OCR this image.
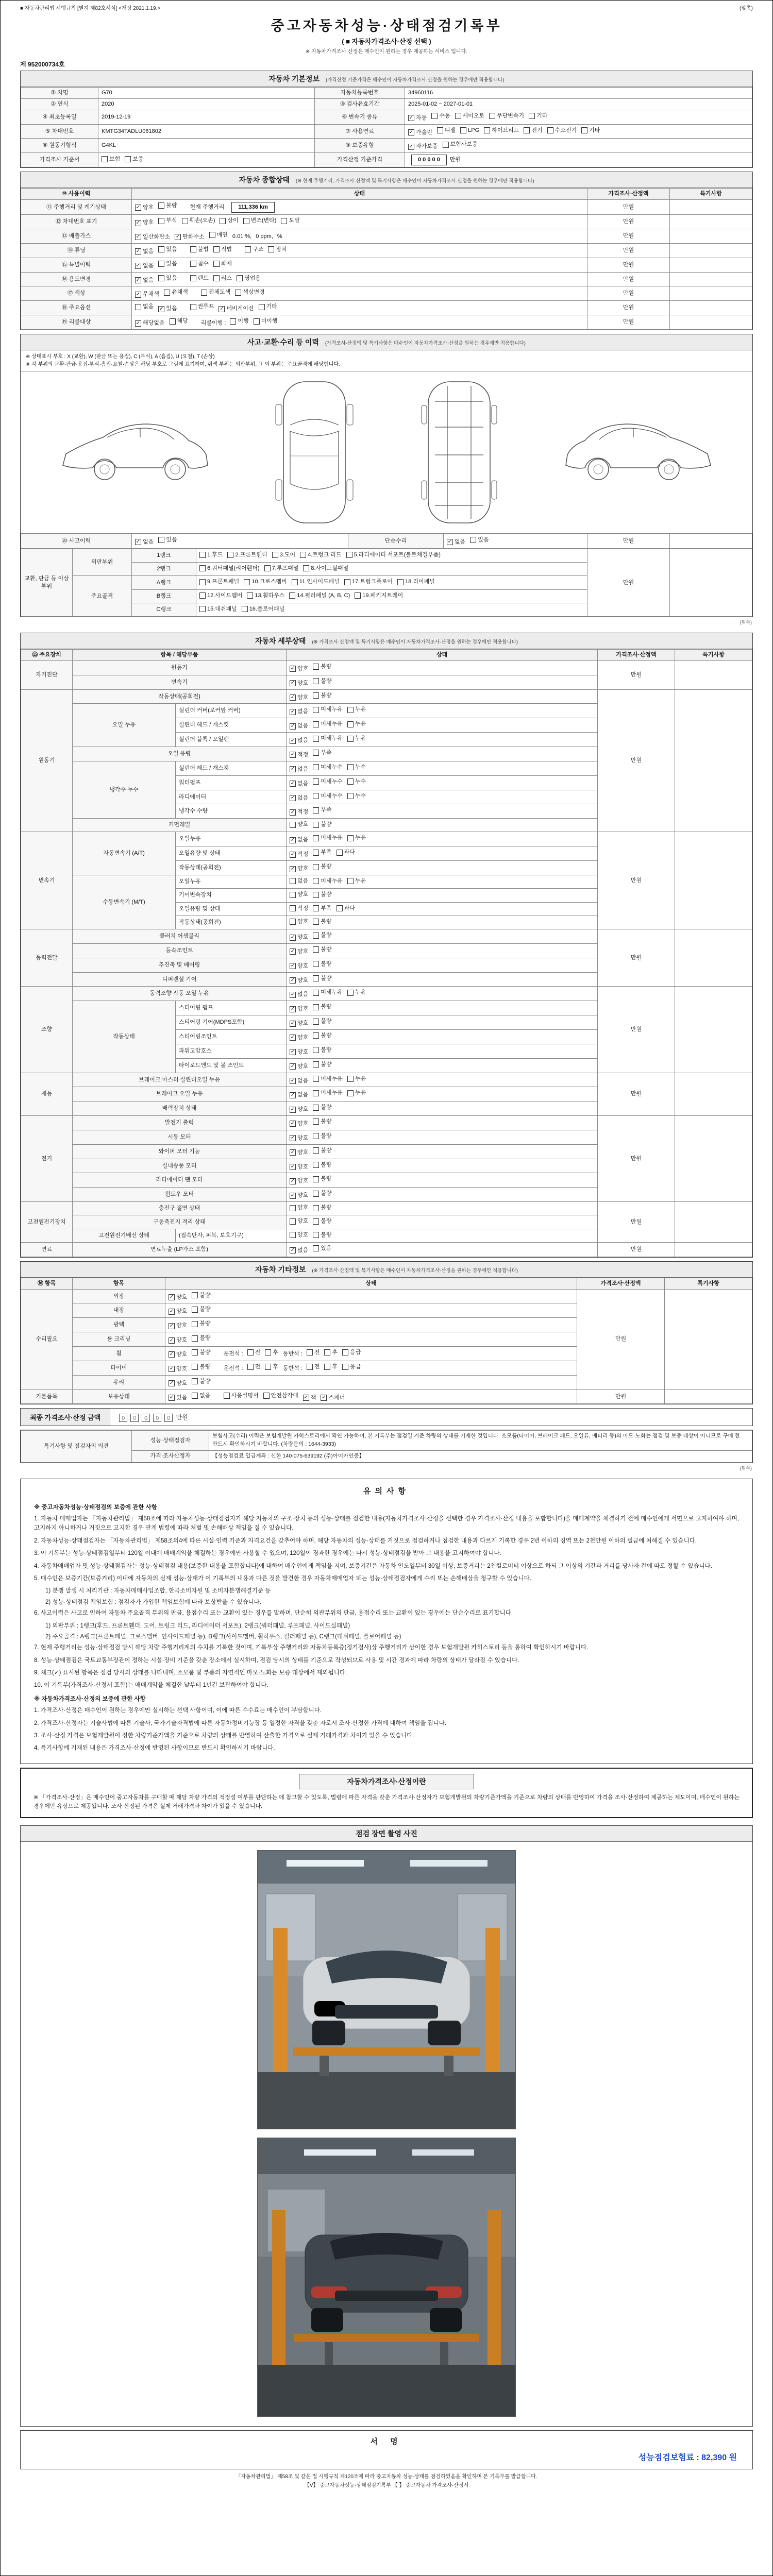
■ 자동차관리법 시행규칙 [별지 제82호서식] <개정 2021.1.19.>	(앞쪽)
중고자동차성능·상태점검기록부
( ■ 자동차가격조사·산정 선택 )
※ 자동차가격조사·산정은 매수인이 원하는 경우 제공하는 서비스 입니다.
제 952000734호
자동차 기본정보 (가격산정 기준가격은 매수인이 자동차가격조사·산정을 원하는 경우에만 적용합니다)
① 차명	G70	자동차등록번호	34960116
② 연식	2020	③ 검사유효기간	2025-01-02 ~ 2027-01-01
④ 최초등록일	2019-12-19	⑥ 변속기 종류	✓ 자동 수동 세미오토 무단변속기 기타

⑤ 차대번호	KMTG34TADLU061802	⑦ 사용연료	✓ 가솔린 디젤 LPG 하이브리드 전기 수소전기 기타

⑧ 원동기형식	G4KL	⑨ 보증유형	✓ 자가보증 보험사보증

가격조사 기준서	보험 보증	가격산정 기준가격	0 0 0 0 0 만원
자동차 종합상태 (※ 현재 주행거리, 가격조사·산정액 및 특기사항은 매수인이 자동차가격조사·산정을 원하는 경우에만 적용합니다)
⑩ 사용이력	상태	가격조사·산정액	특기사항
⑪ 주행거리 및 계기상태	✓ 양호 불량 현재 주행거리 111,336 km	만원	
⑫ 차대번호 표기	✓ 양호 부식 훼손(오손) 상이 변조(변타) 도말	만원	
⑬ 배출가스	✓ 일산화탄소 ✓ 탄화수소 매연 0.01 %, 0 ppm, %	만원	
⑭ 튜닝	✓ 없음 있음	불법 적법	구조 장치	만원	
⑮ 특별이력	✓ 없음 있음 침수 화재	만원	
⑯ 용도변경	✓ 없음 있음	렌트 리스 영업용	만원	
⑰ 색상	✓ 무채색 유채색 전체도색 색상변경	만원	
⑱ 주요옵션	없음 ✓ 있음	썬루프 ✓ 네비게이션 기타	만원	
⑲ 리콜대상	✓ 해당없음 해당 리콜이행 : 이행 미이행	만원	
사고·교환·수리 등 이력 (가격조사·산정액 및 특기사항은 매수인이 자동차가격조사·산정을 원하는 경우에만 적용합니다)
※ 상태표시 부호 : X (교환), W (판금 또는 용접), C (부식), A (흠집), U (요철), T (손상)
※ 각 부위의 교환·판금·용접·부식·흠집·요철·손상은 해당 부호로 그림에 표기하며, 쥐색 부위는 외판부위, 그 외 부위는 주요골격에 해당합니다.
⑳ 사고이력	✓ 없음 있음	단순수리	✓ 없음 있음	만원	
교환, 판금 등 이상 부위	외판부위	1랭크	1.후드 2.프론트휀더 3.도어 4.트렁크 리드 5.라디에이터 서포트(볼트체결부품)	만원	
		2랭크	6.쿼터패널(리어휀더) 7.루프패널 8.사이드실패널		

	주요골격	A랭크	9.프론트패널 10.크로스멤버 11.인사이드패널 17.트렁크플로어 18.리어패널		

		B랭크	12.사이드멤버 13.휠하우스 14.필러패널 (A, B, C) 19.패키지트레이		

		C랭크	15.대쉬패널 16.플로어패널		
(뒤쪽)
자동차 세부상태 (※ 가격조사·산정액 및 특기사항은 매수인이 자동차가격조사·산정을 원하는 경우에만 적용합니다)
⑮ 주요장치	항목 / 해당부품		상태	가격조사·산정액	특기사항
자기진단	원동기		✓ 양호 불량	만원	
	변속기		✓ 양호 불량		

원동기	작동상태(공회전)		✓ 양호 불량	만원	
	오일 누유	실린더 커버(로커암 커버)	✓ 없음 미세누유 누유		

		실린더 헤드 / 개스킷	✓ 없음 미세누유 누유		

		실린더 블록 / 오일팬	✓ 없음 미세누유 누유		

	오일 유량		✓ 적정 부족		

	냉각수 누수	실린더 헤드 / 개스킷	✓ 없음 미세누수 누수		

		워터펌프	✓ 없음 미세누수 누수		

		라디에이터	✓ 없음 미세누수 누수		

		냉각수 수량	✓ 적정 부족		

	커먼레일		양호 불량		

변속기	자동변속기 (A/T)	오일누유	✓ 없음 미세누유 누유	만원	
		오일유량 및 상태	✓ 적정 부족 과다		

		작동상태(공회전)	✓ 양호 불량		

	수동변속기 (M/T)	오일누유	없음 미세누유 누유		

		기어변속장치	양호 불량		

		오일유량 및 상태	적정 부족 과다		

		작동상태(공회전)	양호 불량		

동력전달	클러치 어셈블리		✓ 양호 불량	만원	
	등속조인트		✓ 양호 불량		

	추진축 및 베어링		✓ 양호 불량		

	디퍼렌셜 기어		✓ 양호 불량		

조향	동력조향 작동 오일 누유		✓ 없음 미세누유 누유	만원	
	작동상태	스티어링 펌프	✓ 양호 불량		

		스티어링 기어(MDPS포함)	✓ 양호 불량		

		스티어링조인트	✓ 양호 불량		

		파워고압호스	✓ 양호 불량		

		타이로드엔드 및 볼 조인트	✓ 양호 불량		

제동	브레이크 마스터 실린더오일 누유		✓ 없음 미세누유 누유	만원	
	브레이크 오일 누유		✓ 없음 미세누유 누유		

	배력장치 상태		✓ 양호 불량		

전기	발전기 출력		✓ 양호 불량	만원	
	시동 모터		✓ 양호 불량		

	와이퍼 모터 기능		✓ 양호 불량		

	실내송풍 모터		✓ 양호 불량		

	라디에이터 팬 모터		✓ 양호 불량		

	윈도우 모터		✓ 양호 불량		

고전원전기장치	충전구 절연 상태		양호 불량	만원	
	구동축전지 격리 상태		양호 불량		

	고전원전기배선 상태	(접속단자, 피복, 보호기구)	양호 불량		

연료	연료누출 (LP가스 포함)		✓ 없음 있음	만원	
자동차 기타정보 (※ 가격조사·산정액 및 특기사항은 매수인이 자동차가격조사·산정을 원하는 경우에만 적용합니다)
⑯ 항목	항목	상태	가격조사·산정액	특기사항
수리필요	외장	✓ 양호 불량	만원	
	내장	✓ 양호 불량		

	광택	✓ 양호 불량		

	룸 크리닝	✓ 양호 불량		

휠	✓ 양호 불량 운전석 : 전 후 동반석 : 전 후 응급

타이어	✓ 양호 불량 운전석 : 전 후 동반석 : 전 후 응급

	유리	✓ 양호 불량		

기본품목	보유상태	✓ 있음 없음	사용설명서 안전삼각대 ✓ 잭 ✓ 스패너	만원	
최종 가격조사·산정 금액	0 0 0 0 0 만원
특기사항 및 점검자의 의견	성능·상태점검자	보험사고(수리) 이력은 보험개발원 카히스토리에서 확인 가능하며, 본 기록부는 점검일 기준 차량의 상태를 기재한 것입니다. 소모품(타이어, 브레이크 패드, 오일류, 배터리 등)의 마모·노화는 점검 및 보증 대상이 아니므로 구매 전 반드시 확인하시기 바랍니다. (차량문의 : 1644-3933)
	가격·조사산정자	【성능점검료 입금계좌 : 신한 140-075-639192 (주)아이카인증】
(뒤쪽)
유의사항
※ 중고자동차성능·상태점검의 보증에 관한 사항
1. 자동차 매매업자는 「자동차관리법」 제58조에 따라 자동차성능·상태점검자가 해당 자동차의 구조·장치 등의 성능·상태를 점검한 내용(자동차가격조사·산정을 선택한 경우 가격조사·산정 내용을 포함합니다)을 매매계약을 체결하기 전에 매수인에게 서면으로 고지하여야 하며, 고지하지 아니하거나 거짓으로 고지한 경우 관계 법령에 따라 처벌 및 손해배상 책임을 질 수 있습니다.
2. 자동차성능·상태점검자는 「자동차관리법」 제58조의4에 따른 시설·인력 기준과 자격요건을 갖추어야 하며, 해당 자동차의 성능·상태를 거짓으로 점검하거나 점검한 내용과 다르게 기록한 경우 2년 이하의 징역 또는 2천만원 이하의 벌금에 처해질 수 있습니다.
3. 이 기록부는 성능·상태점검일부터 120일 이내에 매매계약을 체결하는 경우에만 사용할 수 있으며, 120일이 경과한 경우에는 다시 성능·상태점검을 받아 그 내용을 고지하여야 합니다.
4. 자동차매매업자 및 성능·상태점검자는 성능·상태점검 내용(보증한 내용을 포함합니다)에 대하여 매수인에게 책임을 지며, 보증기간은 자동차 인도일부터 30일 이상, 보증거리는 2천킬로미터 이상으로 하되 그 이상의 기간과 거리를 당사자 간에 따로 정할 수 있습니다.
5. 매수인은 보증기간(보증거리) 이내에 자동차의 실제 성능·상태가 이 기록부의 내용과 다른 것을 발견한 경우 자동차매매업자 또는 성능·상태점검자에게 수리 또는 손해배상을 청구할 수 있습니다.
1) 분쟁 발생 시 처리기관 : 자동차매매사업조합, 한국소비자원 및 소비자분쟁해결기준 등
2) 성능·상태점검 책임보험 : 점검자가 가입한 책임보험에 따라 보상받을 수 있습니다.
6. 사고이력은 사고로 인하여 자동차 주요골격 부위의 판금, 용접수리 또는 교환이 있는 경우를 말하며, 단순히 외판부위의 판금, 용접수리 또는 교환이 있는 경우에는 단순수리로 표기합니다.
1) 외판부위 : 1랭크(후드, 프론트휀더, 도어, 트렁크 리드, 라디에이터 서포트), 2랭크(쿼터패널, 루프패널, 사이드실패널)
2) 주요골격 : A랭크(프론트패널, 크로스멤버, 인사이드패널 등), B랭크(사이드멤버, 휠하우스, 필러패널 등), C랭크(대쉬패널, 플로어패널 등)
7. 현재 주행거리는 성능·상태점검 당시 해당 차량 주행거리계의 수치를 기록한 것이며, 기록부상 주행거리와 자동차등록증(정기검사)상 주행거리가 상이한 경우 보험개발원 카히스토리 등을 통하여 확인하시기 바랍니다.
8. 성능·상태점검은 국토교통부장관이 정하는 시설·장비 기준을 갖춘 장소에서 실시하며, 점검 당시의 상태를 기준으로 작성되므로 사용 및 시간 경과에 따라 차량의 상태가 달라질 수 있습니다.
9. 체크(✓) 표시된 항목은 점검 당시의 상태를 나타내며, 소모품 및 부품의 자연적인 마모·노화는 보증 대상에서 제외됩니다.
10. 이 기록부(가격조사·산정서 포함)는 매매계약을 체결한 날부터 1년간 보관하여야 합니다.
※ 자동차가격조사·산정의 보증에 관한 사항
1. 가격조사·산정은 매수인이 원하는 경우에만 실시하는 선택 사항이며, 이에 따른 수수료는 매수인이 부담합니다.
2. 가격조사·산정자는 기술사법에 따른 기술사, 국가기술자격법에 따른 자동차정비기능장 등 일정한 자격을 갖춘 자로서 조사·산정한 가격에 대하여 책임을 집니다.
3. 조사·산정 가격은 보험개발원이 정한 차량기준가액을 기준으로 차량의 상태를 반영하여 산출한 가격으로 실제 거래가격과 차이가 있을 수 있습니다.
4. 특기사항에 기재된 내용은 가격조사·산정에 반영된 사항이므로 반드시 확인하시기 바랍니다.
자동차가격조사·산정이란
※ 「가격조사·산정」은 매수인이 중고자동차를 구매할 때 해당 차량 가격의 적정성 여부를 판단하는 데 참고할 수 있도록, 법령에 따른 자격을 갖춘 가격조사·산정자가 보험개발원의 차량기준가액을 기준으로 차량의 상태를 반영하여 가격을 조사·산정하여 제공하는 제도이며, 매수인이 원하는 경우에만 유상으로 제공됩니다. 조사·산정된 가격은 실제 거래가격과 차이가 있을 수 있습니다.
점검 장면 촬영 사진
서 명
성능점검보험료 : 82,390 원
「자동차관리법」 제58조 및 같은 법 시행규칙 제120조에 따라 중고자동차 성능·상태를 점검하였음을 확인하며 본 기록부를 발급합니다.
【Ⅴ】 중고자동차성능·상태점검기록부 【 】 중고자동차 가격조사·산정서
